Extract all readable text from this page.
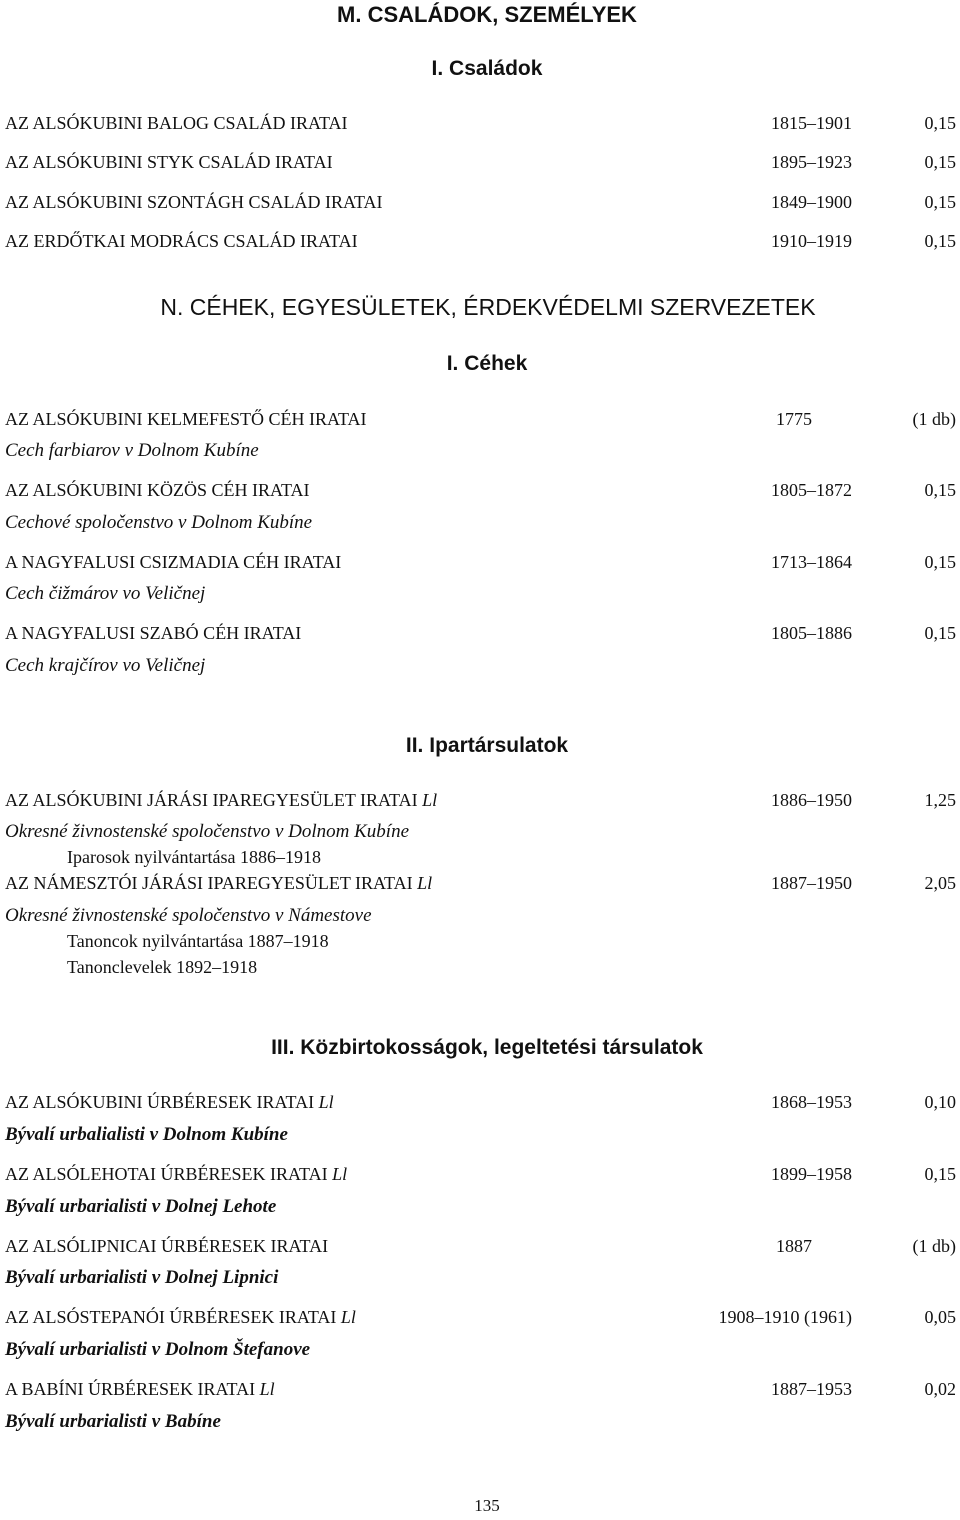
M. CSALÁDOK, SZEMÉLYEK
I. Családok
AZ ALSÓKUBINI BALOG CSALÁD IRATAI	1815–1901	0,15
AZ ALSÓKUBINI STYK CSALÁD IRATAI	1895–1923	0,15
AZ ALSÓKUBINI SZONTÁGH CSALÁD IRATAI	1849–1900	0,15
AZ ERDŐTKAI MODRÁCS CSALÁD IRATAI	1910–1919	0,15
N. CÉHEK, EGYESÜLETEK, ÉRDEKVÉDELMI SZERVEZETEK
I. Céhek
AZ ALSÓKUBINI KELMEFESTŐ CÉH IRATAI	1775	(1 db)
Cech farbiarov v Dolnom Kubíne
AZ ALSÓKUBINI KÖZÖS CÉH IRATAI	1805–1872	0,15
Cechové spoločenstvo v Dolnom Kubíne
A NAGYFALUSI CSIZMADIA CÉH IRATAI	1713–1864	0,15
Cech čižmárov vo Veličnej
A NAGYFALUSI SZABÓ CÉH IRATAI	1805–1886	0,15
Cech krajčírov vo Veličnej
II. Ipartársulatok
AZ ALSÓKUBINI JÁRÁSI IPAREGYESÜLET IRATAI Ll	1886–1950	1,25
Okresné živnostenské spoločenstvo v Dolnom Kubíne
Iparosok nyilvántartása 1886–1918
AZ NÁMESZTÓI JÁRÁSI IPAREGYESÜLET IRATAI Ll	1887–1950	2,05
Okresné živnostenské spoločenstvo v Námestove
Tanoncok nyilvántartása 1887–1918
Tanonclevelek 1892–1918
III. Közbirtokosságok, legeltetési társulatok
AZ ALSÓKUBINI ÚRBÉRESEK IRATAI Ll	1868–1953	0,10
Bývalí urbalialisti v Dolnom Kubíne
AZ ALSÓLEHOTAI ÚRBÉRESEK IRATAI Ll	1899–1958	0,15
Bývalí urbarialisti v Dolnej Lehote
AZ ALSÓLIPNICAI ÚRBÉRESEK IRATAI	1887	(1 db)
Bývalí urbarialisti v Dolnej Lipnici
AZ ALSÓSTEPANÓI ÚRBÉRESEK IRATAI Ll	1908–1910 (1961)	0,05
Bývalí urbarialisti v Dolnom Štefanove
A BABÍNI ÚRBÉRESEK IRATAI Ll	1887–1953	0,02
Bývalí urbarialisti v Babíne
135
